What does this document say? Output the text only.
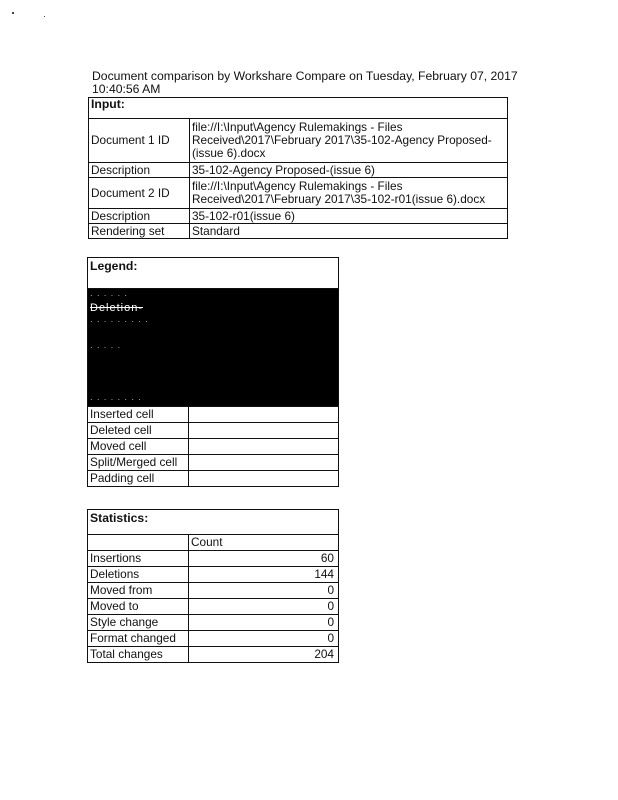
Document comparison by Workshare Compare on Tuesday, February 07, 2017
10:40:56 AM
Input:	
Document 1 ID	file://I:\Input\Agency Rulemakings - Files Received\2017\February 2017\35-102-Agency Proposed-(issue 6).docx
Description	35-102-Agency Proposed-(issue 6)
Document 2 ID	file://I:\Input\Agency Rulemakings - Files Received\2017\February 2017\35-102-r01(issue 6).docx
Description	35-102-r01(issue 6)
Rendering set	Standard
Legend:	

· · · · · ·
Deletion-
· · · · · · · · ·
· · · · ·
· · · · · · · ·	

Inserted cell	
Deleted cell	
Moved cell	
Split/Merged cell	
Padding cell	
Statistics:	
	Count
Insertions	60
Deletions	144
Moved from	0
Moved to	0
Style change	0
Format changed	0
Total changes	204
